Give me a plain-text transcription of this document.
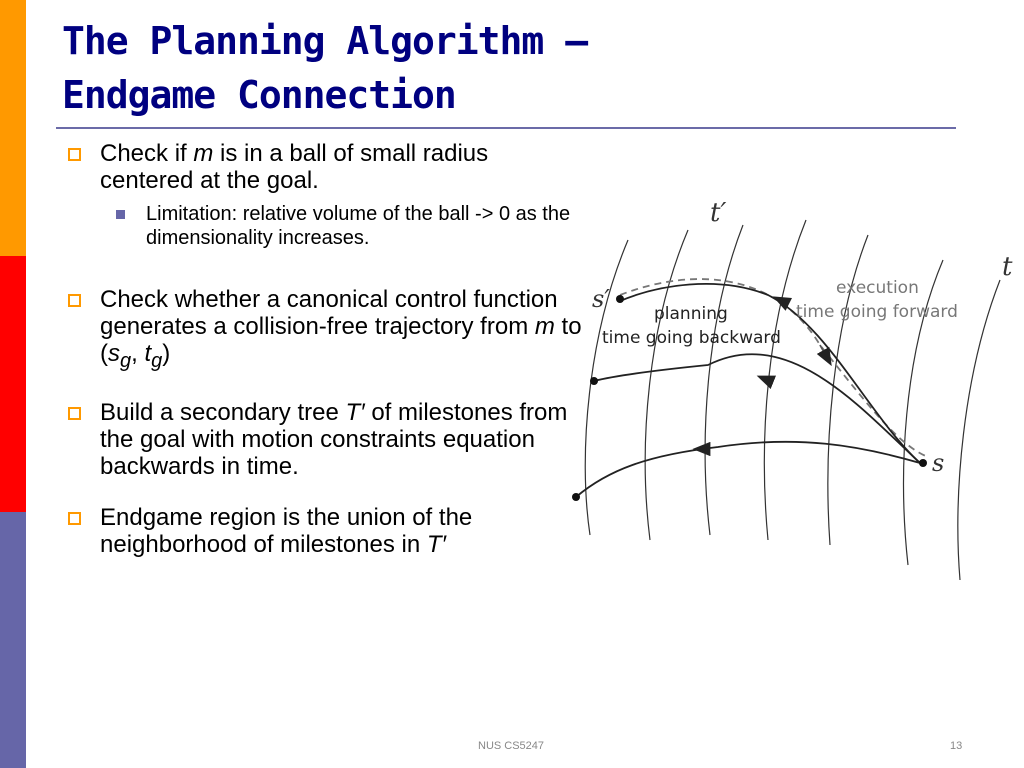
The Planning Algorithm –
Endgame Connection
Check if m is in a ball of small radius centered at the goal.
Limitation: relative volume of the ball -> 0 as the dimensionality increases.
Check whether a canonical control function generates a collision-free trajectory from m to ($s_g$, $t_g$)
Build a secondary tree T′ of milestones from the goal with motion constraints equation backwards in time.
Endgame region is the union of the neighborhood of milestones in T′
t′
t
s′
s
execution
time going forward
planning
time going backward
NUS CS5247	13
